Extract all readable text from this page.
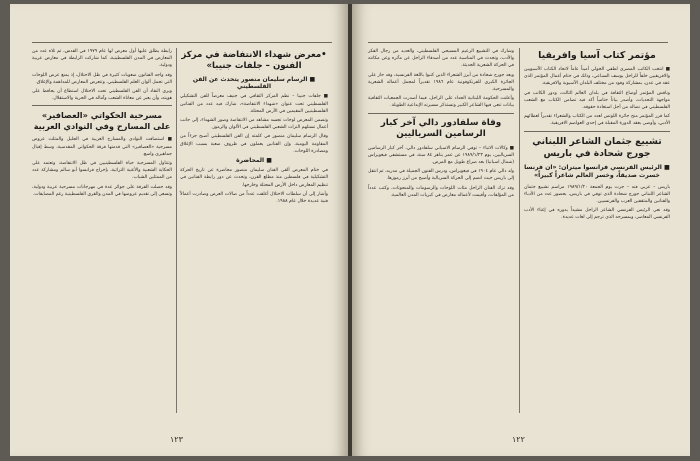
•معرض شهداء الانتفاضة في مركز الفنون – جلفات جنيبا»
■ الرسام سليمان منصور يتحدث عن الفن الفلسطيني

■ جلفات جنيبا – نظم المركز الثقافي في جنيف معرضاً للفن التشكيلي الفلسطيني تحت عنوان «شهداء الانتفاضة»، شارك فيه عدد من الفنانين الفلسطينيين المقيمين في الأرض المحتلة.

وتضمن المعرض لوحات تجسد مشاهد من الانتفاضة وصور الشهداء، إلى جانب أعمال تستلهم التراث الشعبي الفلسطيني في الألوان والرموز.

وقال الرسام سليمان منصور في كلمته إن الفن الفلسطيني أصبح جزءاً من المقاومة اليومية، وإن الفنانين يعملون في ظروف صعبة بسبب الإغلاق ومصادرة اللوحات.

■ المحاضرة

في ختام المعرض ألقى الفنان سليمان منصور محاضرة عن تاريخ الحركة التشكيلية في فلسطين منذ مطلع القرن، وتحدث عن دور رابطة الفنانين في تنظيم المعارض داخل الأرض المحتلة وخارجها.

وأشار إلى أن سلطات الاحتلال أغلقت عدداً من صالات العرض وصادرت أعمالاً فنية عديدة خلال عام ١٩٨٨.

رابطة يطلق عليها أول معرض لها عام ١٩٧٩ في القدس، ثم تلاه عدد من المعارض في المدن الفلسطينية، كما شاركت الرابطة في معارض عربية ودولية.

وقد واجه الفنانون صعوبات كثيرة في ظل الاحتلال، إذ يمنع عرض اللوحات التي تحمل ألوان العلم الفلسطيني، وتتعرض المعارض للمداهمة والإغلاق.

ويرى النقاد أن الفن الفلسطيني تحت الاحتلال استطاع أن يحافظ على هويته، وأن يعبر عن معاناة الشعب وآماله في الحرية والاستقلال.

مسرحية الحكواتي «العصافير» على المسارح وفي النوادي العربية

■ استضافت النوادي والمسارح العربية في الجليل والمثلث عروض مسرحية «العصافير» التي قدمتها فرقة الحكواتي المقدسية، وسط إقبال جماهيري واسع.

وتتناول المسرحية حياة الفلسطينيين في ظل الانتفاضة، وتعتمد على الحكاية الشعبية والأغنية التراثية، بإخراج فرانسوا أبو سالم ومشاركة عدد من الممثلين الشباب.

وقد حصلت الفرقة على جوائز عدة في مهرجانات مسرحية عربية ودولية، وتسعى إلى تقديم عروضها في المدن والقرى الفلسطينية رغم المضايقات.

١٢٣
مؤتمر كتاب آسيا وافريقيا

■ انتخب الكاتب المصري لطفي الخولي أميناً عاماً لاتحاد الكتاب الآسيويين والافريقيين خلفاً للراحل يوسف السباعي، وذلك في ختام أعمال المؤتمر الذي عقد في عدن، بمشاركة وفود من مختلف البلدان الآسيوية والافريقية.

وناقش المؤتمر أوضاع الثقافة في بلدان العالم الثالث، ودور الكاتب في مواجهة التحديات، وأصدر بياناً ختامياً أكد فيه تضامن الكتاب مع الشعب الفلسطيني في نضاله من أجل استعادة حقوقه.

كما قرر المؤتمر منح جائزة اللوتس لعدد من الكتاب والشعراء تقديراً لعطائهم الأدبي، وأوصى بعقد الدورة المقبلة في إحدى العواصم الافريقية.

تشييع جثمان الشاعر اللبناني جورج شحادة في باريس
■ الرئيس الفرنسي فرانسوا ميتران: «ان فرنسا خسرت صديقاً، وخسر العالم شاعراً كبيراً»

باريس – عربي فنه – جرت يوم الجمعة ١٩٨٩/١/٢٠ مراسم تشييع جثمان الشاعر اللبناني جورج شحادة الذي توفي في باريس، بحضور عدد من الأدباء والفنانين والمثقفين العرب والفرنسيين.

وقد نعى الرئيس الفرنسي الشاعر الراحل مشيداً بدوره في إغناء الأدب الفرنسي المعاصر، وبمسرحه الذي ترجم إلى لغات عديدة.

وشارك في التشييع الزعيم المسيحي الفلسطيني، والعديد من رجال الفكر والأدب، وتحدث في المناسبة عدد من أصدقاء الراحل عن مآثره وعن مكانته في الحركة الشعرية الحديثة.

ويعد جورج شحادة من أبرز الشعراء الذين كتبوا باللغة الفرنسية، وقد حاز على الجائزة الكبرى للفرنكوفونية عام ١٩٨٦ تقديراً لمجمل أعماله الشعرية والمسرحية.

وأعلنت الحكومة اللبنانية الحداد على الراحل، فيما أصدرت الجمعيات الثقافية بيانات تنعى فيها الشاعر الكبير وتستذكر مسيرته الإبداعية الطويلة.

وفاة سلفادور دالي آخر كبار الرسامين السرياليين

■ وكالات الانباء – توفي الرسام الاسباني سلفادور دالي، آخر كبار الرسامين السرياليين، يوم ١٩٨٩/١/٢٣ عن عمر يناهز ٨٤ سنة، في مستشفى فيغويراس (شمال اسبانيا) بعد صراع طويل مع المرض.

ولد دالي عام ١٩٠٤ في فيغويراس، ودرس الفنون الجميلة في مدريد، ثم انتقل إلى باريس حيث انضم إلى الحركة السريالية وأصبح من أبرز رموزها.

وقد ترك الفنان الراحل مئات اللوحات والرسومات والمنحوتات، وكتب عدداً من المؤلفات، وأقيمت لأعماله معارض في كبريات المدن العالمية.

١٢٢
